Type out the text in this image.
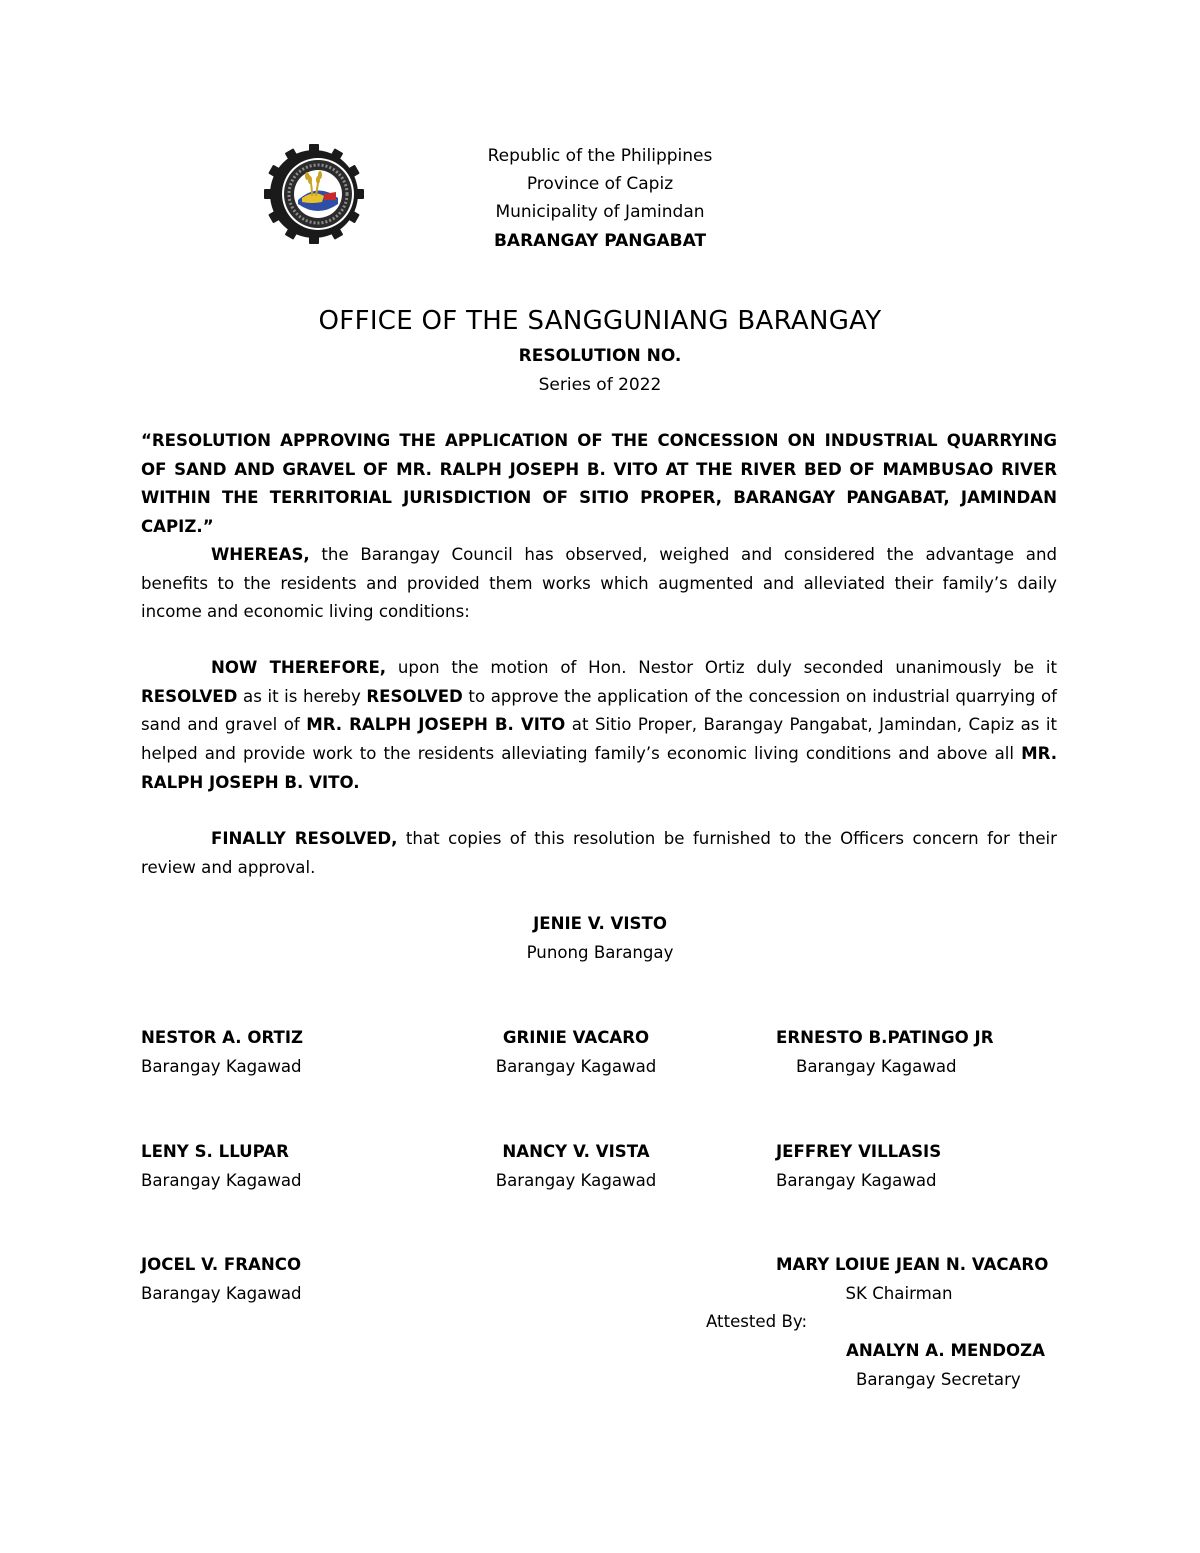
Republic of the Philippines
Province of Capiz
Municipality of Jamindan
BARANGAY PANGABAT
OFFICE OF THE SANGGUNIANG BARANGAY
RESOLUTION NO.
Series of 2022
“RESOLUTION APPROVING THE APPLICATION OF THE CONCESSION ON INDUSTRIAL QUARRYING OF SAND AND GRAVEL OF MR. RALPH JOSEPH B. VITO AT THE RIVER BED OF MAMBUSAO RIVER WITHIN THE TERRITORIAL JURISDICTION OF SITIO PROPER, BARANGAY PANGABAT, JAMINDAN CAPIZ.”
WHEREAS, the Barangay Council has observed, weighed and considered the advantage and benefits to the residents and provided them works which augmented and alleviated their family’s daily income and economic living conditions:
NOW THEREFORE, upon the motion of Hon. Nestor Ortiz duly seconded unanimously be it RESOLVED as it is hereby RESOLVED to approve the application of the concession on industrial quarrying of sand and gravel of MR. RALPH JOSEPH B. VITO at Sitio Proper, Barangay Pangabat, Jamindan, Capiz as it helped and provide work to the residents alleviating family’s economic living conditions and above all MR. RALPH JOSEPH B. VITO.
FINALLY RESOLVED, that copies of this resolution be furnished to the Officers concern for their review and approval.
JENIE V. VISTO
Punong Barangay
NESTOR A. ORTIZ
Barangay Kagawad
GRINIE VACARO
Barangay Kagawad
ERNESTO B.PATINGO JR
Barangay Kagawad
LENY S. LLUPAR
Barangay Kagawad
NANCY V. VISTA
Barangay Kagawad
JEFFREY VILLASIS
Barangay Kagawad
JOCEL V. FRANCO
Barangay Kagawad
MARY LOIUE JEAN N. VACARO
SK Chairman
Attested By:
ANALYN A. MENDOZA
Barangay Secretary
